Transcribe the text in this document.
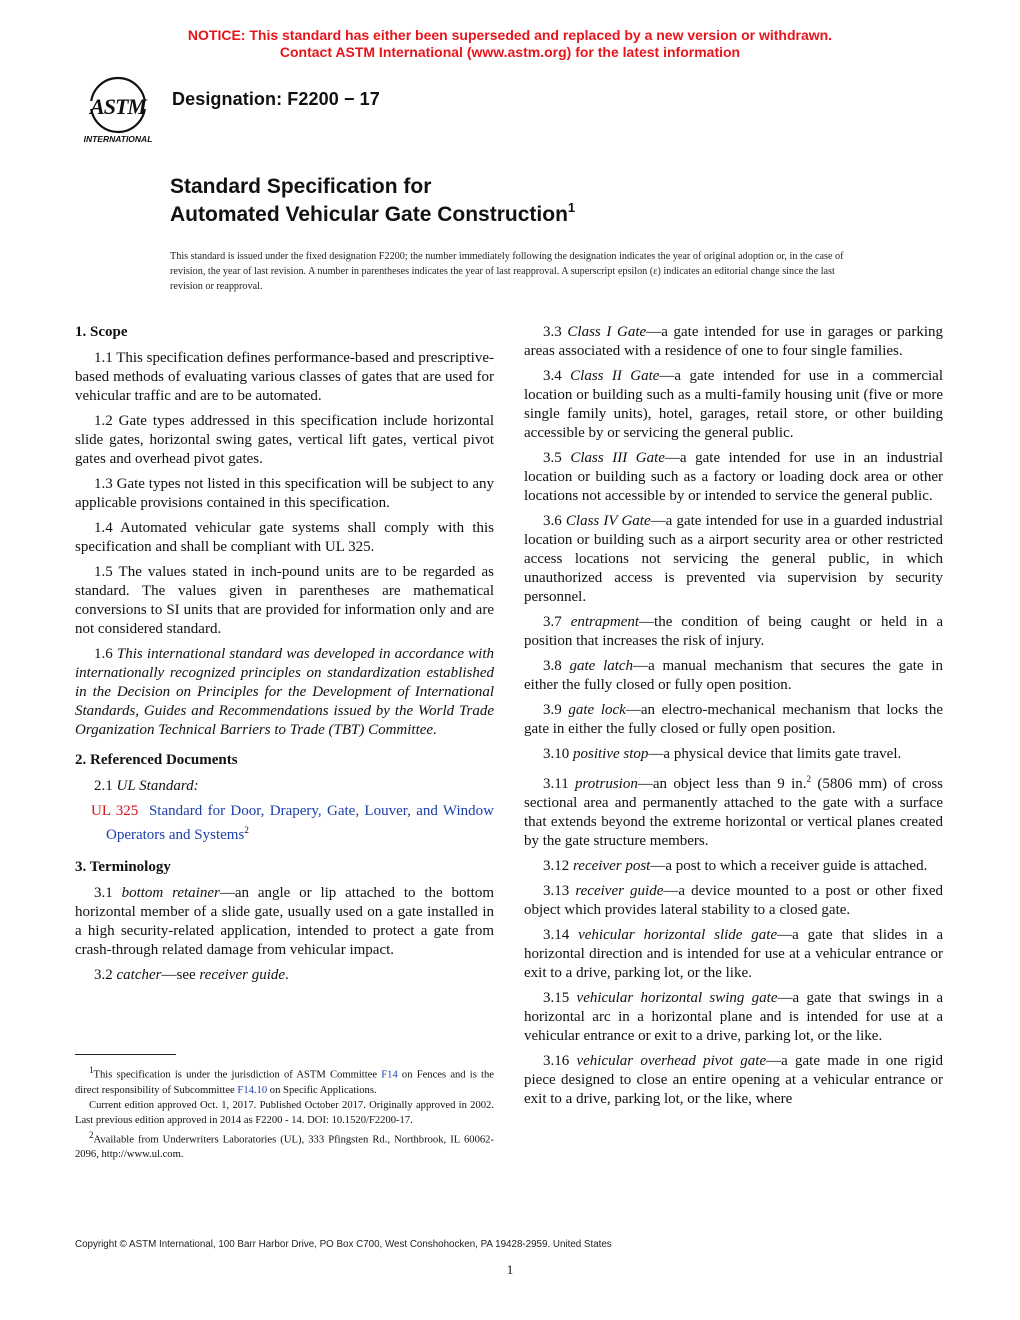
NOTICE: This standard has either been superseded and replaced by a new version or withdrawn.
Contact ASTM International (www.astm.org) for the latest information
ASTM
INTERNATIONAL
Designation: F2200 − 17
Standard Specification for
Automated Vehicular Gate Construction$^1$
This standard is issued under the fixed designation F2200; the number immediately following the designation indicates the year of original adoption or, in the case of revision, the year of last revision. A number in parentheses indicates the year of last reapproval. A superscript epsilon (ε) indicates an editorial change since the last revision or reapproval.
1. Scope

1.1 This specification defines performance-based and prescriptive-based methods of evaluating various classes of gates that are used for vehicular traffic and are to be automated.

1.2 Gate types addressed in this specification include horizontal slide gates, horizontal swing gates, vertical lift gates, vertical pivot gates and overhead pivot gates.

1.3 Gate types not listed in this specification will be subject to any applicable provisions contained in this specification.

1.4 Automated vehicular gate systems shall comply with this specification and shall be compliant with UL 325.

1.5 The values stated in inch-pound units are to be regarded as standard. The values given in parentheses are mathematical conversions to SI units that are provided for information only and are not considered standard.

1.6 This international standard was developed in accordance with internationally recognized principles on standardization established in the Decision on Principles for the Development of International Standards, Guides and Recommendations issued by the World Trade Organization Technical Barriers to Trade (TBT) Committee.

2. Referenced Documents
2.1 UL Standard:
UL 325 Standard for Door, Drapery, Gate, Louver, and Window Operators and Systems$^2$
3. Terminology

3.1 bottom retainer—an angle or lip attached to the bottom horizontal member of a slide gate, usually used on a gate installed in a high security-related application, intended to protect a gate from crash-through related damage from vehicular impact.

3.2 catcher—see receiver guide.

3.3 Class I Gate—a gate intended for use in garages or parking areas associated with a residence of one to four single families.

3.4 Class II Gate—a gate intended for use in a commercial location or building such as a multi-family housing unit (five or more single family units), hotel, garages, retail store, or other building accessible by or servicing the general public.

3.5 Class III Gate—a gate intended for use in an industrial location or building such as a factory or loading dock area or other locations not accessible by or intended to service the general public.

3.6 Class IV Gate—a gate intended for use in a guarded industrial location or building such as a airport security area or other restricted access locations not servicing the general public, in which unauthorized access is prevented via supervision by security personnel.

3.7 entrapment—the condition of being caught or held in a position that increases the risk of injury.

3.8 gate latch—a manual mechanism that secures the gate in either the fully closed or fully open position.

3.9 gate lock—an electro-mechanical mechanism that locks the gate in either the fully closed or fully open position.

3.10 positive stop—a physical device that limits gate travel.

3.11 protrusion—an object less than 9 in.$^2$ (5806 mm) of cross sectional area and permanently attached to the gate with a surface that extends beyond the extreme horizontal or vertical planes created by the gate structure members.

3.12 receiver post—a post to which a receiver guide is attached.

3.13 receiver guide—a device mounted to a post or other fixed object which provides lateral stability to a closed gate.

3.14 vehicular horizontal slide gate—a gate that slides in a horizontal direction and is intended for use at a vehicular entrance or exit to a drive, parking lot, or the like.

3.15 vehicular horizontal swing gate—a gate that swings in a horizontal arc in a horizontal plane and is intended for use at a vehicular entrance or exit to a drive, parking lot, or the like.

3.16 vehicular overhead pivot gate—a gate made in one rigid piece designed to close an entire opening at a vehicular entrance or exit to a drive, parking lot, or the like, where

$^1$This specification is under the jurisdiction of ASTM Committee F14 on Fences and is the direct responsibility of Subcommittee F14.10 on Specific Applications.

Current edition approved Oct. 1, 2017. Published October 2017. Originally approved in 2002. Last previous edition approved in 2014 as F2200 - 14. DOI: 10.1520/F2200-17.

$^2$Available from Underwriters Laboratories (UL), 333 Pfingsten Rd., Northbrook, IL 60062-2096, http://www.ul.com.

Copyright © ASTM International, 100 Barr Harbor Drive, PO Box C700, West Conshohocken, PA 19428-2959. United States
1
